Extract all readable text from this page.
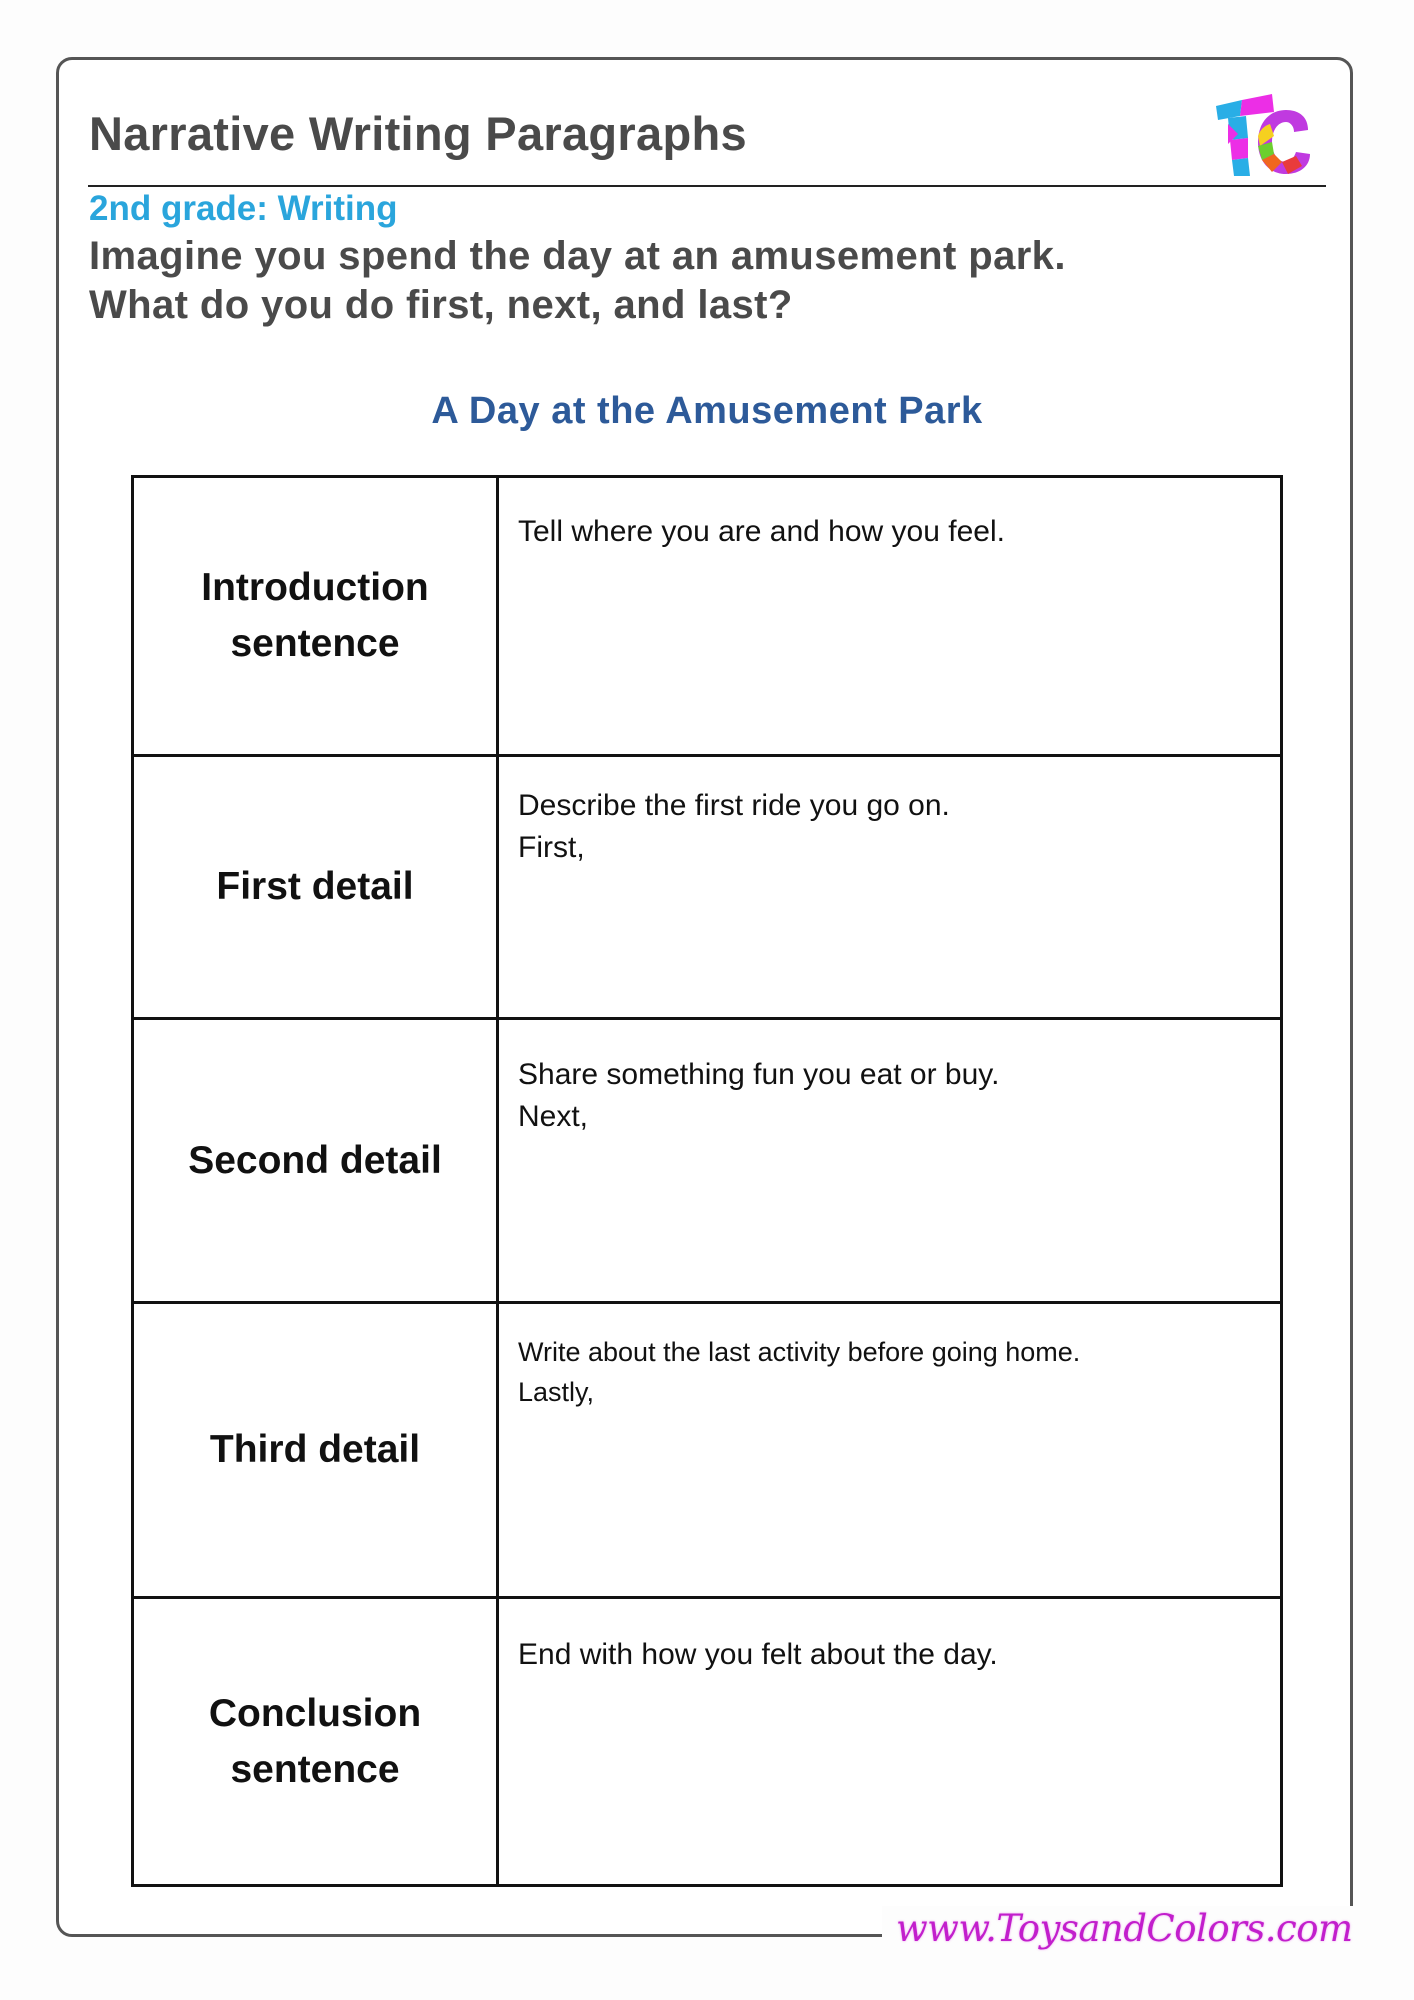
Narrative Writing Paragraphs
2nd grade: Writing

Imagine you spend the day at an amusement park.
What do you do first, next, and last?

A Day at the Amusement Park
Introduction
sentence
Tell where you are and how you feel.
First detail
Describe the first ride you go on.
First,
Second detail
Share something fun you eat or buy.
Next,
Third detail
Write about the last activity before going home.
Lastly,
Conclusion
sentence
End with how you felt about the day.
www.ToysandColors.com
